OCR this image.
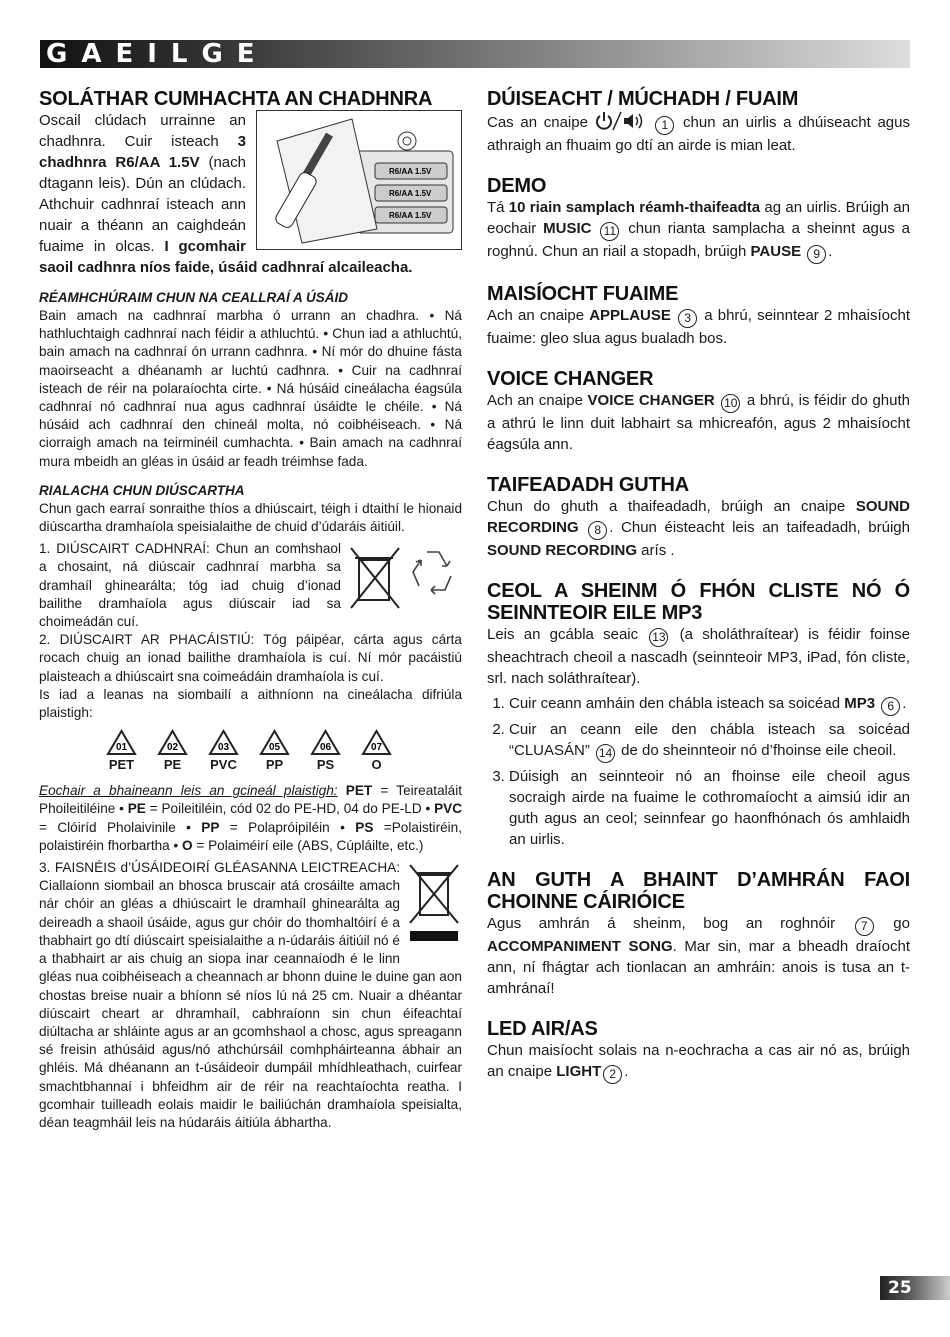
GAEILGE
SOLÁTHAR CUMHACHTA AN CHADHNRA
R6/AA 1.5V
R6/AA 1.5V
R6/AA 1.5V

Oscail clúdach urrainne an chadhnra. Cuir isteach 3 chadhnra R6/AA 1.5V (nach dtagann leis). Dún an clúdach. Athchuir cadhnraí isteach ann nuair a théann an caighdeán fuaime in olcas. I gcomhair saoil cadhnra níos faide, úsáid cadhnraí alcaileacha.

RÉAMHCHÚRAIM CHUN NA CEALLRAÍ A ÚSÁID

Bain amach na cadhnraí marbha ó urrann an chadhra. • Ná hathluchtaigh cadhnraí nach féidir a athluchtú. • Chun iad a athluchtú, bain amach na cadhnraí ón urrann cadhnra. • Ní mór do dhuine fásta maoirseacht a dhéanamh ar luchtú cadhnra. • Cuir na cadhnraí isteach de réir na polaraíochta cirte. • Ná húsáid cineálacha éagsúla cadhnraí nó cadhnraí nua agus cadhnraí úsáidte le chéile. • Ná húsáid ach cadhnraí den chineál molta, nó coibhéiseach. • Ná ciorraigh amach na teirminéil cumhachta. • Bain amach na cadhnraí mura mbeidh an gléas in úsáid ar feadh tréimhse fada.

RIALACHA CHUN DIÚSCARTHA

Chun gach earraí sonraithe thíos a dhiúscairt, téigh i dtaithí le hionaid diúscartha dramhaíola speisialaithe de chuid d’údaráis áitiúil.

1. DIÚSCAIRT CADHNRAÍ: Chun an comhshaol a chosaint, ná diúscair cadhnraí marbha sa dramhaíl ghinearálta; tóg iad chuig d’ionad bailithe dramhaíola agus diúscair iad sa choimeádán cuí.

2. DIÚSCAIRT AR PHACÁISTIÚ: Tóg páipéar, cárta agus cárta rocach chuig an ionad bailithe dramhaíola is cuí. Ní mór pacáistiú plaisteach a dhiúscairt sna coimeádáin dramhaíola is cuí.

Is iad a leanas na siombailí a aithníonn na cineálacha difriúla plaistigh:

01
PET
02
PE
03
PVC
05
PP
06
PS
07
O

Eochair a bhaineann leis an gcineál plaistigh: PET = Teireataláit Phoileitiléine • PE = Poileitiléin, cód 02 do PE-HD, 04 do PE-LD • PVC = Clóiríd Pholaivinile • PP = Polapróipiléin • PS =Polaistiréin, polaistiréin fhorbartha • O = Polaiméirí eile (ABS, Cúpláilte, etc.)

3. FAISNÉIS d’ÚSÁIDEOIRÍ GLÉASANNA LEICTREACHA: Ciallaíonn siombail an bhosca bruscair atá crosáilte amach nár chóir an gléas a dhiúscairt le dramhaíl ghinearálta ag deireadh a shaoil úsáide, agus gur chóir do thomhaltóirí é a thabhairt go dtí diúscairt speisialaithe a n-údaráis áitiúil nó é a thabhairt ar ais chuig an siopa inar ceannaíodh é le linn gléas nua coibhéiseach a cheannach ar bhonn duine le duine gan aon chostas breise nuair a bhíonn sé níos lú ná 25 cm. Nuair a dhéantar diúscairt cheart ar dhramhaíl, cabhraíonn sin chun éifeachtaí diúltacha ar shláinte agus ar an gcomhshaol a chosc, agus spreagann sé freisin athúsáid agus/nó athchúrsáil comhpháirteanna ábhair an ghléis. Má dhéanann an t-úsáideoir dumpáil mhídhleathach, cuirfear smachtbhannaí i bhfeidhm air de réir na reachtaíochta reatha. I gcomhair tuilleadh eolais maidir le bailiúchán dramhaíola speisialta, déan teagmháil leis na húdaráis áitiúla ábhartha.

DÚISEACHT / MÚCHADH / FUAIM

Cas an cnaipe	1 chun an uirlis a dhúiseacht agus athraigh an fhuaim go dtí an airde is mian leat.

DEMO

Tá 10 riain samplach réamh-thaifeadta ag an uirlis. Brúigh an eochair MUSIC 11 chun rianta samplacha a sheinnt agus a roghnú. Chun an riail a stopadh, brúigh PAUSE 9 .

MAISÍOCHT FUAIME

Ach an cnaipe APPLAUSE 3 a bhrú, seinntear 2 mhaisíocht fuaime: gleo slua agus bualadh bos.

VOICE CHANGER

Ach an cnaipe VOICE CHANGER 10 a bhrú, is féidir do ghuth a athrú le linn duit labhairt sa mhicreafón, agus 2 mhaisíocht éagsúla ann.

TAIFEADADH GUTHA

Chun do ghuth a thaifeadadh, brúigh an cnaipe SOUND RECORDING 8 . Chun éisteacht leis an taifeadadh, brúigh SOUND RECORDING arís .

CEOL A SHEINM Ó FHÓN CLISTE NÓ Ó SEINNTEOIR EILE MP3

Leis an gcábla seaic 13 (a sholáthraítear) is féidir foinse sheachtrach cheoil a nascadh (seinnteoir MP3, iPad, fón cliste, srl. nach soláthraítear).

1. Cuir ceann amháin den chábla isteach sa soicéad MP3 6 .
2. Cuir an ceann eile den chábla isteach sa soicéad “CLUASÁN” 14 de do sheinnteoir nó d’fhoinse eile cheoil.
3. Dúisigh an seinnteoir nó an fhoinse eile cheoil agus socraigh airde na fuaime le cothromaíocht a aimsiú idir an guth agus an ceol; seinnfear go haonfhónach ós amhlaidh an uirlis.
AN GUTH A BHAINT D’AMHRÁN FAOI CHOINNE CÁIRIÓICE

Agus amhrán á sheinm, bog an roghnóir 7 go ACCOMPANIMENT SONG. Mar sin, mar a bheadh draíocht ann, ní fhágtar ach tionlacan an amhráin: anois is tusa an t-amhránaí!

LED AIR/AS

Chun maisíocht solais na n-eochracha a cas air nó as, brúigh an cnaipe LIGHT 2 .

25
